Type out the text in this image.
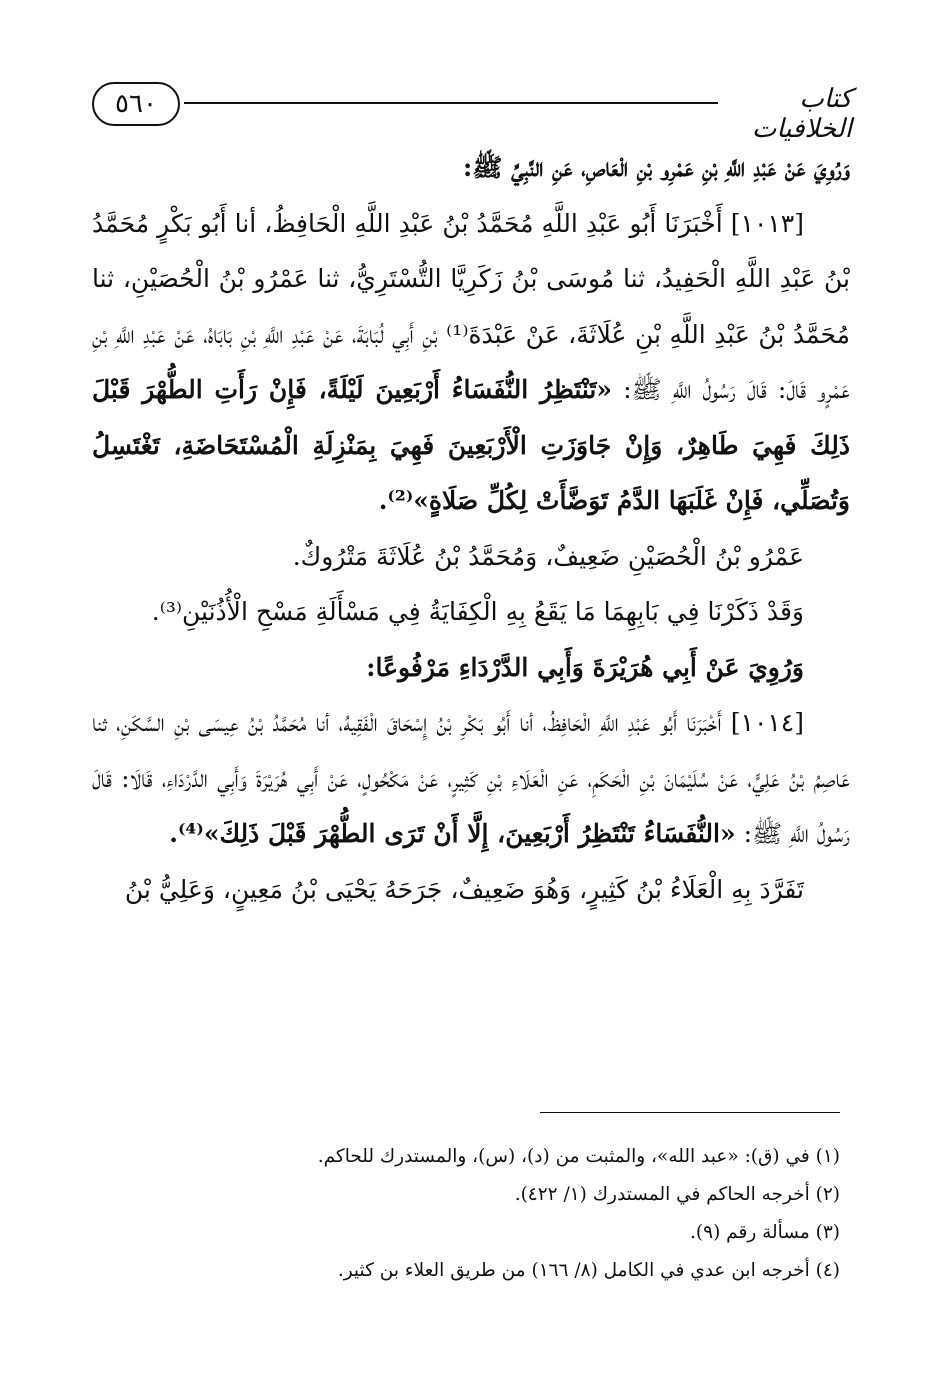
٥٦٠	كتاب الخلافيات

وَرُوِيَ عَنْ عَبْدِ اللَّهِ بْنِ عَمْرِو بْنِ الْعَاصِ، عَنِ النَّبِيِّ ﷺ:

[١٠١٣] أَخْبَرَنَا أَبُو عَبْدِ اللَّهِ مُحَمَّدُ بْنُ عَبْدِ اللَّهِ الْحَافِظُ، أنا أَبُو بَكْرٍ مُحَمَّدُ بْنُ عَبْدِ اللَّهِ الْحَفِيدُ، ثنا مُوسَى بْنُ زَكَرِيَّا التُّسْتَرِيُّ، ثنا عَمْرُو بْنُ الْحُصَيْنِ، ثنا مُحَمَّدُ بْنُ عَبْدِ اللَّهِ بْنِ عُلَاثَةَ، عَنْ عَبْدَةَ⁽¹⁾ بْنِ أَبِي لُبَابَةَ، عَنْ عَبْدِ اللَّهِ بْنِ بَابَاهُ، عَنْ عَبْدِ اللَّهِ بْنِ عَمْرٍو قَالَ: قَالَ رَسُولُ اللَّهِ ﷺ: «تَنْتَظِرُ النُّفَسَاءُ أَرْبَعِينَ لَيْلَةً، فَإِنْ رَأَتِ الطُّهْرَ قَبْلَ ذَلِكَ فَهِيَ طَاهِرٌ، وَإِنْ جَاوَزَتِ الْأَرْبَعِينَ فَهِيَ بِمَنْزِلَةِ الْمُسْتَحَاضَةِ، تَغْتَسِلُ وَتُصَلِّي، فَإِنْ غَلَبَهَا الدَّمُ تَوَضَّأَتْ لِكُلِّ صَلَاةٍ»⁽²⁾.

عَمْرُو بْنُ الْحُصَيْنِ ضَعِيفٌ، وَمُحَمَّدُ بْنُ عُلَاثَةَ مَتْرُوكٌ.

وَقَدْ ذَكَرْنَا فِي بَابِهِمَا مَا يَقَعُ بِهِ الْكِفَايَةُ فِي مَسْأَلَةِ مَسْحِ الْأُذُنَيْنِ⁽³⁾.

وَرُوِيَ عَنْ أَبِي هُرَيْرَةَ وَأَبِي الدَّرْدَاءِ مَرْفُوعًا:

[١٠١٤] أَخْبَرَنَا أَبُو عَبْدِ اللَّهِ الْحَافِظُ، أنا أَبُو بَكْرِ بْنُ إِسْحَاقَ الْفَقِيهُ، أنا مُحَمَّدُ بْنُ عِيسَى بْنِ السَّكَنِ، ثنا عَاصِمُ بْنُ عَلِيٍّ، عَنْ سُلَيْمَانَ بْنِ الْحَكَمِ، عَنِ الْعَلَاءِ بْنِ كَثِيرٍ، عَنْ مَكْحُولٍ، عَنْ أَبِي هُرَيْرَةَ وَأَبِي الدَّرْدَاءِ، قَالَا: قَالَ رَسُولُ اللَّهِ ﷺ: «النُّفَسَاءُ تَنْتَظِرُ أَرْبَعِينَ، إِلَّا أَنْ تَرَى الطُّهْرَ قَبْلَ ذَلِكَ»⁽⁴⁾.

تَفَرَّدَ بِهِ الْعَلَاءُ بْنُ كَثِيرٍ، وَهُوَ ضَعِيفٌ، جَرَحَهُ يَحْيَى بْنُ مَعِينٍ، وَعَلِيُّ بْنُ

(١) في (ق): «عبد الله»، والمثبت من (د)، (س)، والمستدرك للحاكم.

(٢) أخرجه الحاكم في المستدرك (١/ ٤٢٢).

(٣) مسألة رقم (٩).

(٤) أخرجه ابن عدي في الكامل (٨/ ١٦٦) من طريق العلاء بن كثير.
